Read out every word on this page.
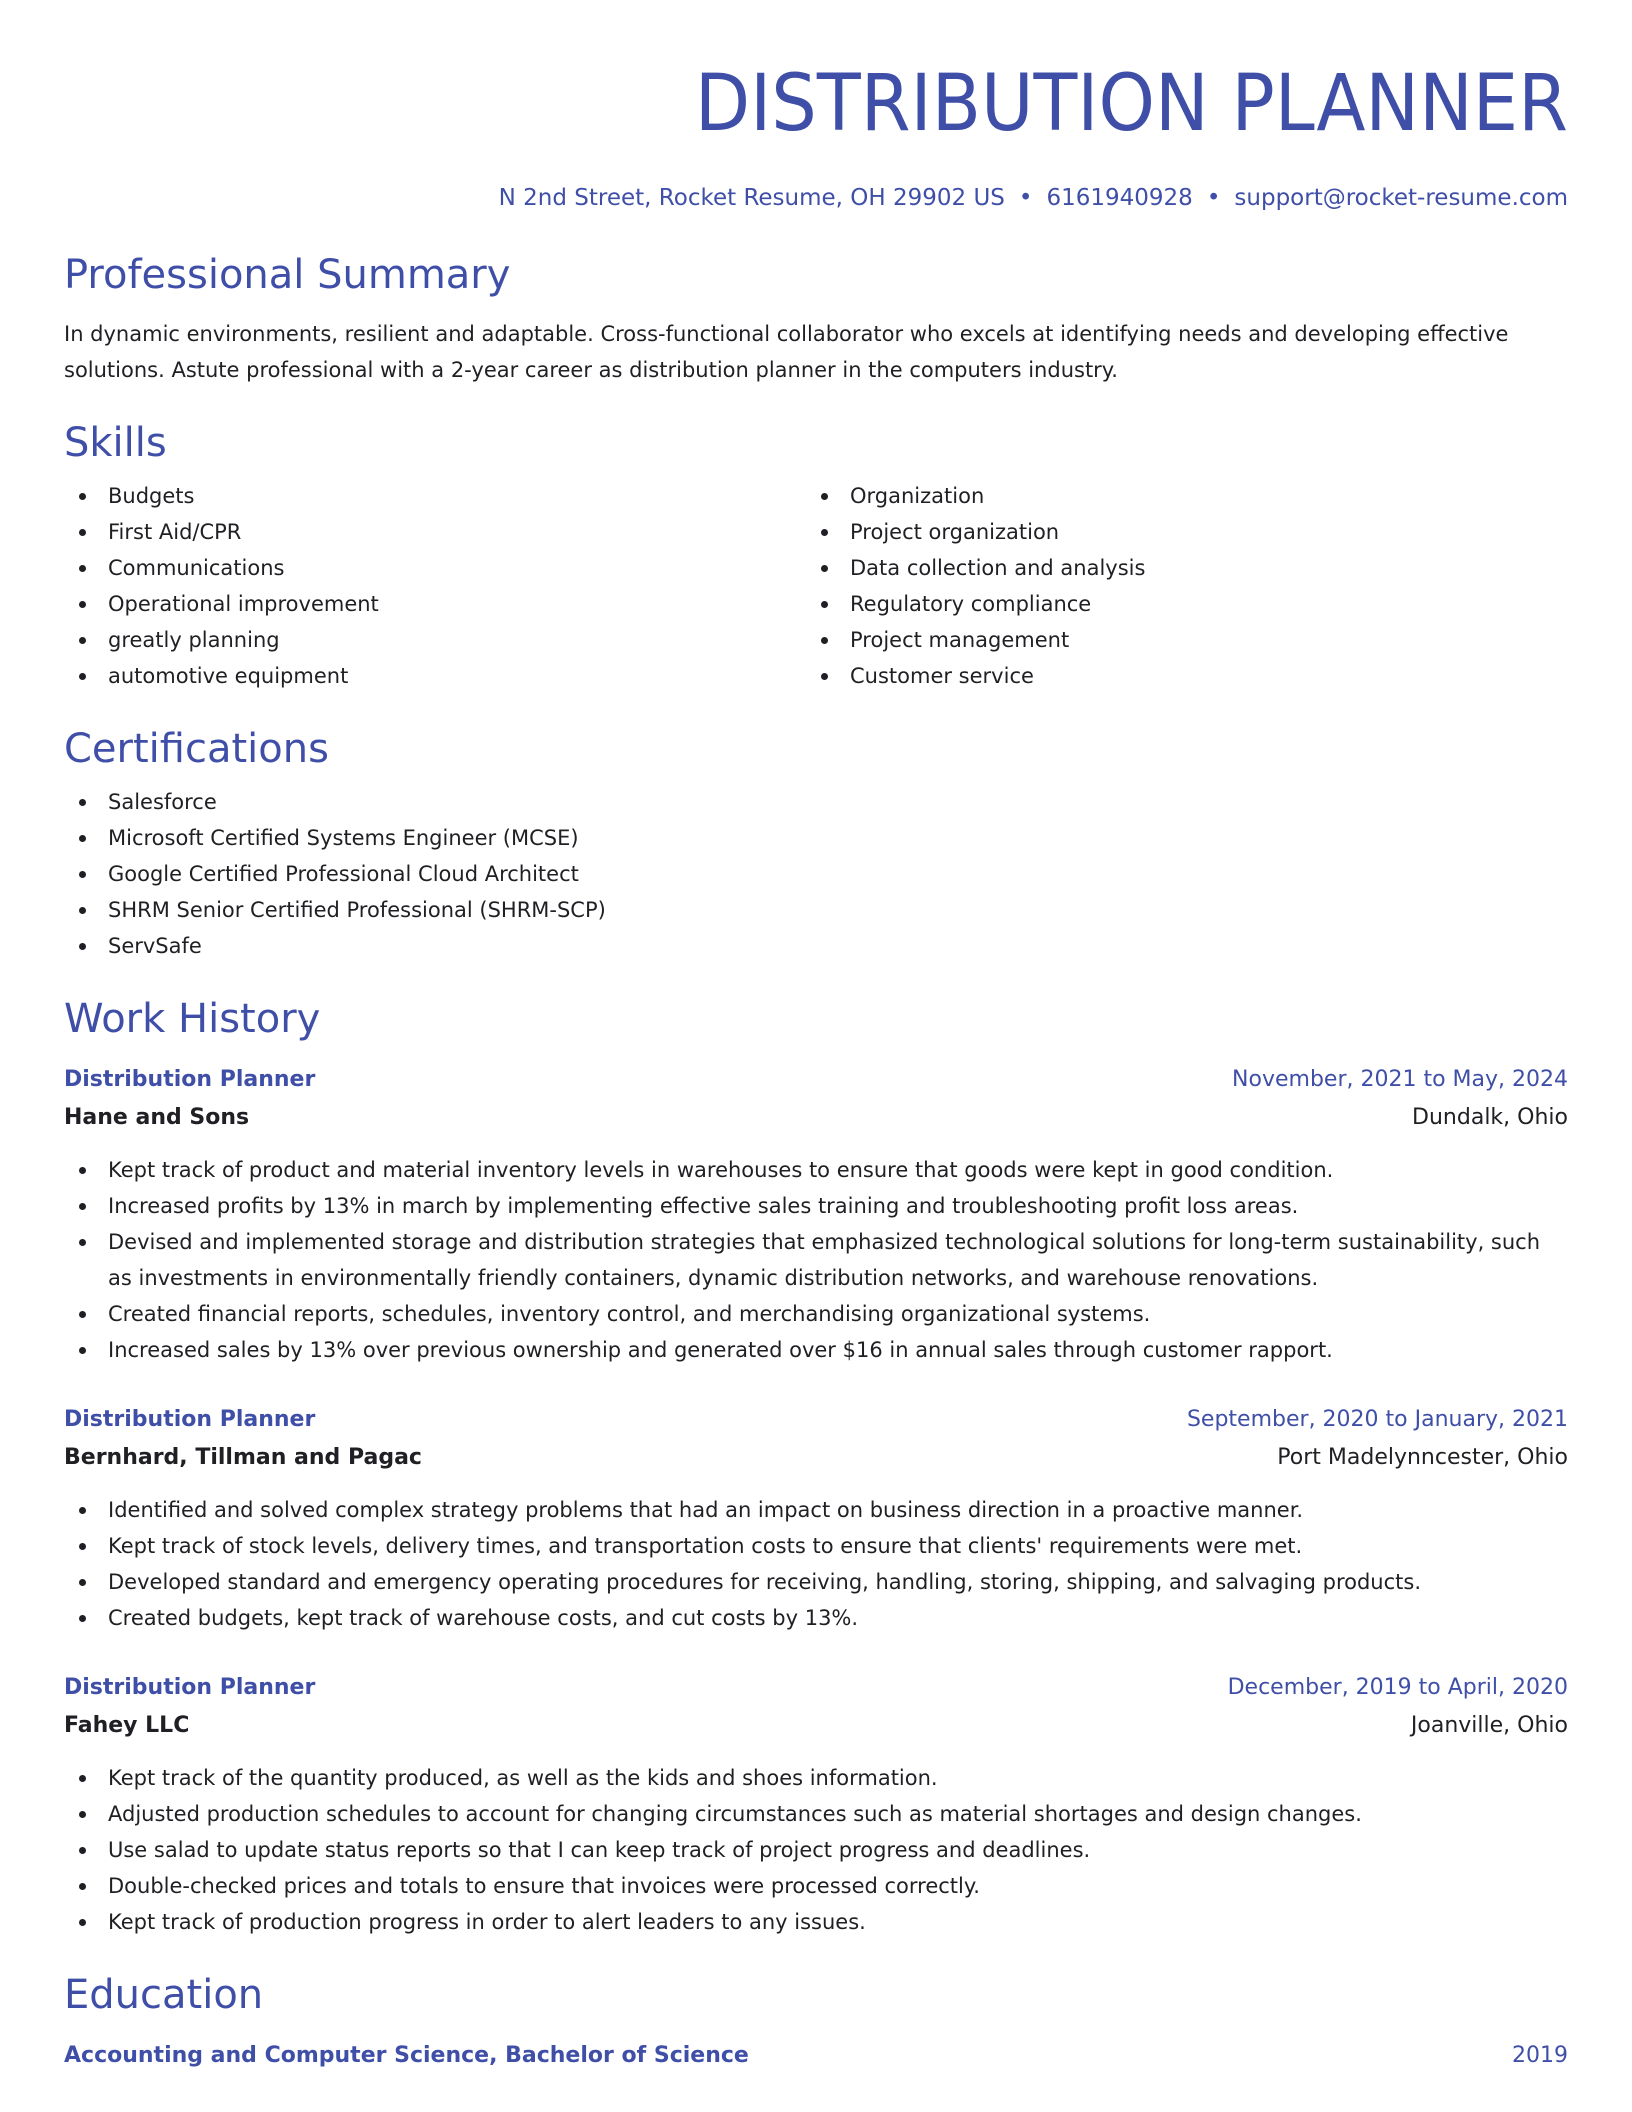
DISTRIBUTION PLANNER
N 2nd Street, Rocket Resume, OH 29902 US • 6161940928 • support@rocket-resume.com
Professional Summary
In dynamic environments, resilient and adaptable. Cross-functional collaborator who excels at identifying needs and developing effective solutions. Astute professional with a 2-year career as distribution planner in the computers industry.
Skills
Budgets
First Aid/CPR
Communications
Operational improvement
greatly planning
automotive equipment
Organization
Project organization
Data collection and analysis
Regulatory compliance
Project management
Customer service
Certifications
Salesforce
Microsoft Certified Systems Engineer (MCSE)
Google Certified Professional Cloud Architect
SHRM Senior Certified Professional (SHRM-SCP)
ServSafe
Work History
Distribution Planner	November, 2021 to May, 2024
Hane and Sons	Dundalk, Ohio
Kept track of product and material inventory levels in warehouses to ensure that goods were kept in good condition.
Increased profits by 13% in march by implementing effective sales training and troubleshooting profit loss areas.
Devised and implemented storage and distribution strategies that emphasized technological solutions for long-term sustainability, such as investments in environmentally friendly containers, dynamic distribution networks, and warehouse renovations.
Created financial reports, schedules, inventory control, and merchandising organizational systems.
Increased sales by 13% over previous ownership and generated over $16 in annual sales through customer rapport.
Distribution Planner	September, 2020 to January, 2021
Bernhard, Tillman and Pagac	Port Madelynncester, Ohio
Identified and solved complex strategy problems that had an impact on business direction in a proactive manner.
Kept track of stock levels, delivery times, and transportation costs to ensure that clients' requirements were met.
Developed standard and emergency operating procedures for receiving, handling, storing, shipping, and salvaging products.
Created budgets, kept track of warehouse costs, and cut costs by 13%.
Distribution Planner	December, 2019 to April, 2020
Fahey LLC	Joanville, Ohio
Kept track of the quantity produced, as well as the kids and shoes information.
Adjusted production schedules to account for changing circumstances such as material shortages and design changes.
Use salad to update status reports so that I can keep track of project progress and deadlines.
Double-checked prices and totals to ensure that invoices were processed correctly.
Kept track of production progress in order to alert leaders to any issues.
Education
Accounting and Computer Science, Bachelor of Science	2019
